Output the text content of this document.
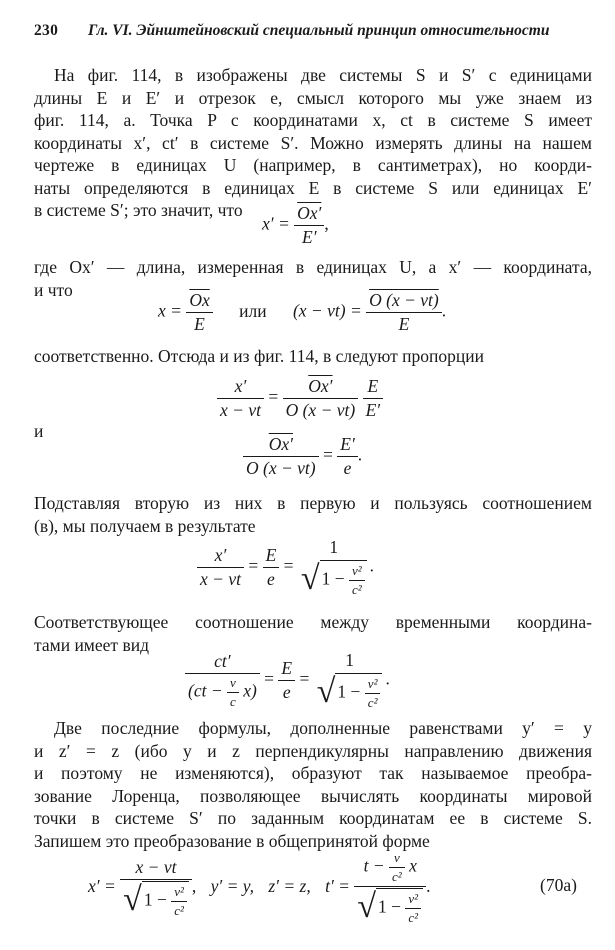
230 Гл. VI. Эйнштейновский специальный принцип относительности
На фиг. 114, в изображены две системы S и S′ с единицами
длины E и E′ и отрезок e, смысл которого мы уже знаем из
фиг. 114, a. Точка P с координатами x, ct в системе S имеет
координаты x′, ct′ в системе S′. Можно измерять длины на нашем
чертеже в единицах U (например, в сантиметрах), но коорди-
наты определяются в единицах E в системе S или единицах E′
в системе S′; это значит, что
$x' = \frac{Ox'}{E'}$ ,
где Ox′ — длина, измеренная в единицах U, а x′ — координата,
и что
$x = \frac{\overline{Ox}}{E}$ или $(x - vt) = \frac{O (x - vt)}{E}$ .
соответственно. Отсюда и из фиг. 114, в следуют пропорции
$\frac{x'}{x - vt} = \frac{Ox'}{O (x - vt)}$
$\frac{E}{E'}$
и
$\frac{Ox'}{O (x - vt)} = \frac{E'}{e}$ .
Подставляя вторую из них в первую и пользуясь соотношением
(в), мы получаем в результате
$\frac{x'}{x - vt} = \frac{E}{e}$ =
1
√ $1 - \frac{\text{v²}}{\text{c²}}$ .
Соответствующее соотношение между временными координа-
тами имеет вид
$\frac{ct'}{(ct - \frac{v}{c} x)} = \frac{E}{e}$ =
1
√ $1 - \frac{\text{v²}}{\text{c²}}$ .
Две последние формулы, дополненные равенствами y′ = y
и z′ = z (ибо y и z перпендикулярны направлению движения
и поэтому не изменяются), образуют так называемое преобра-
зование Лоренца, позволяющее вычислять координаты мировой
точки в системе S′ по заданным координатам ее в системе S.
Запишем это преобразование в общепринятой форме
x′ =
x − vt
√ $1 - \frac{\text{v²}}{\text{c²}}$ , y′ = y, z′ = z, t′ =
$t - \frac{v}{\text{c²}}$ x
√ $1 - \frac{\text{v²}}{\text{c²}}$
.	(70a)
